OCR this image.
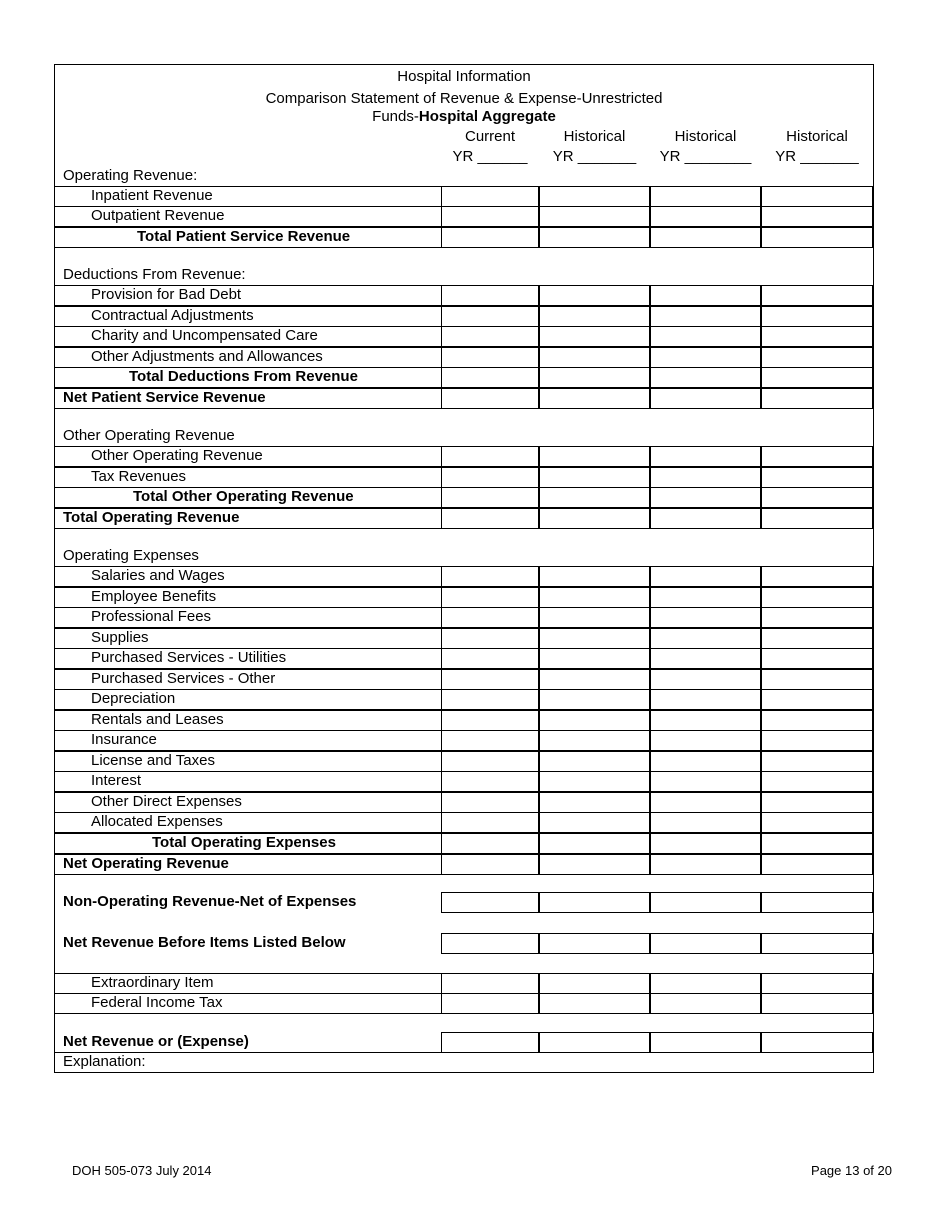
Hospital Information
Comparison Statement of Revenue & Expense-Unrestricted
Funds-Hospital Aggregate
Current	Historical	Historical	Historical
YR ______	YR _______	YR ________	YR _______
Operating Revenue:
Inpatient Revenue
Outpatient Revenue
Total Patient Service Revenue
Deductions From Revenue:
Provision for Bad Debt
Contractual Adjustments
Charity and Uncompensated Care
Other Adjustments and Allowances
Total Deductions From Revenue
Net Patient Service Revenue
Other Operating Revenue
Other Operating Revenue
Tax Revenues
Total Other Operating Revenue
Total Operating Revenue
Operating Expenses
Salaries and Wages
Employee Benefits
Professional Fees
Supplies
Purchased Services - Utilities
Purchased Services - Other
Depreciation
Rentals and Leases
Insurance
License and Taxes
Interest
Other Direct Expenses
Allocated Expenses
Total Operating Expenses
Net Operating Revenue
Non-Operating Revenue-Net of Expenses
Net Revenue Before Items Listed Below
Extraordinary Item
Federal Income Tax
Net Revenue or (Expense)
Explanation:
DOH 505-073 July 2014	Page 13 of 20
